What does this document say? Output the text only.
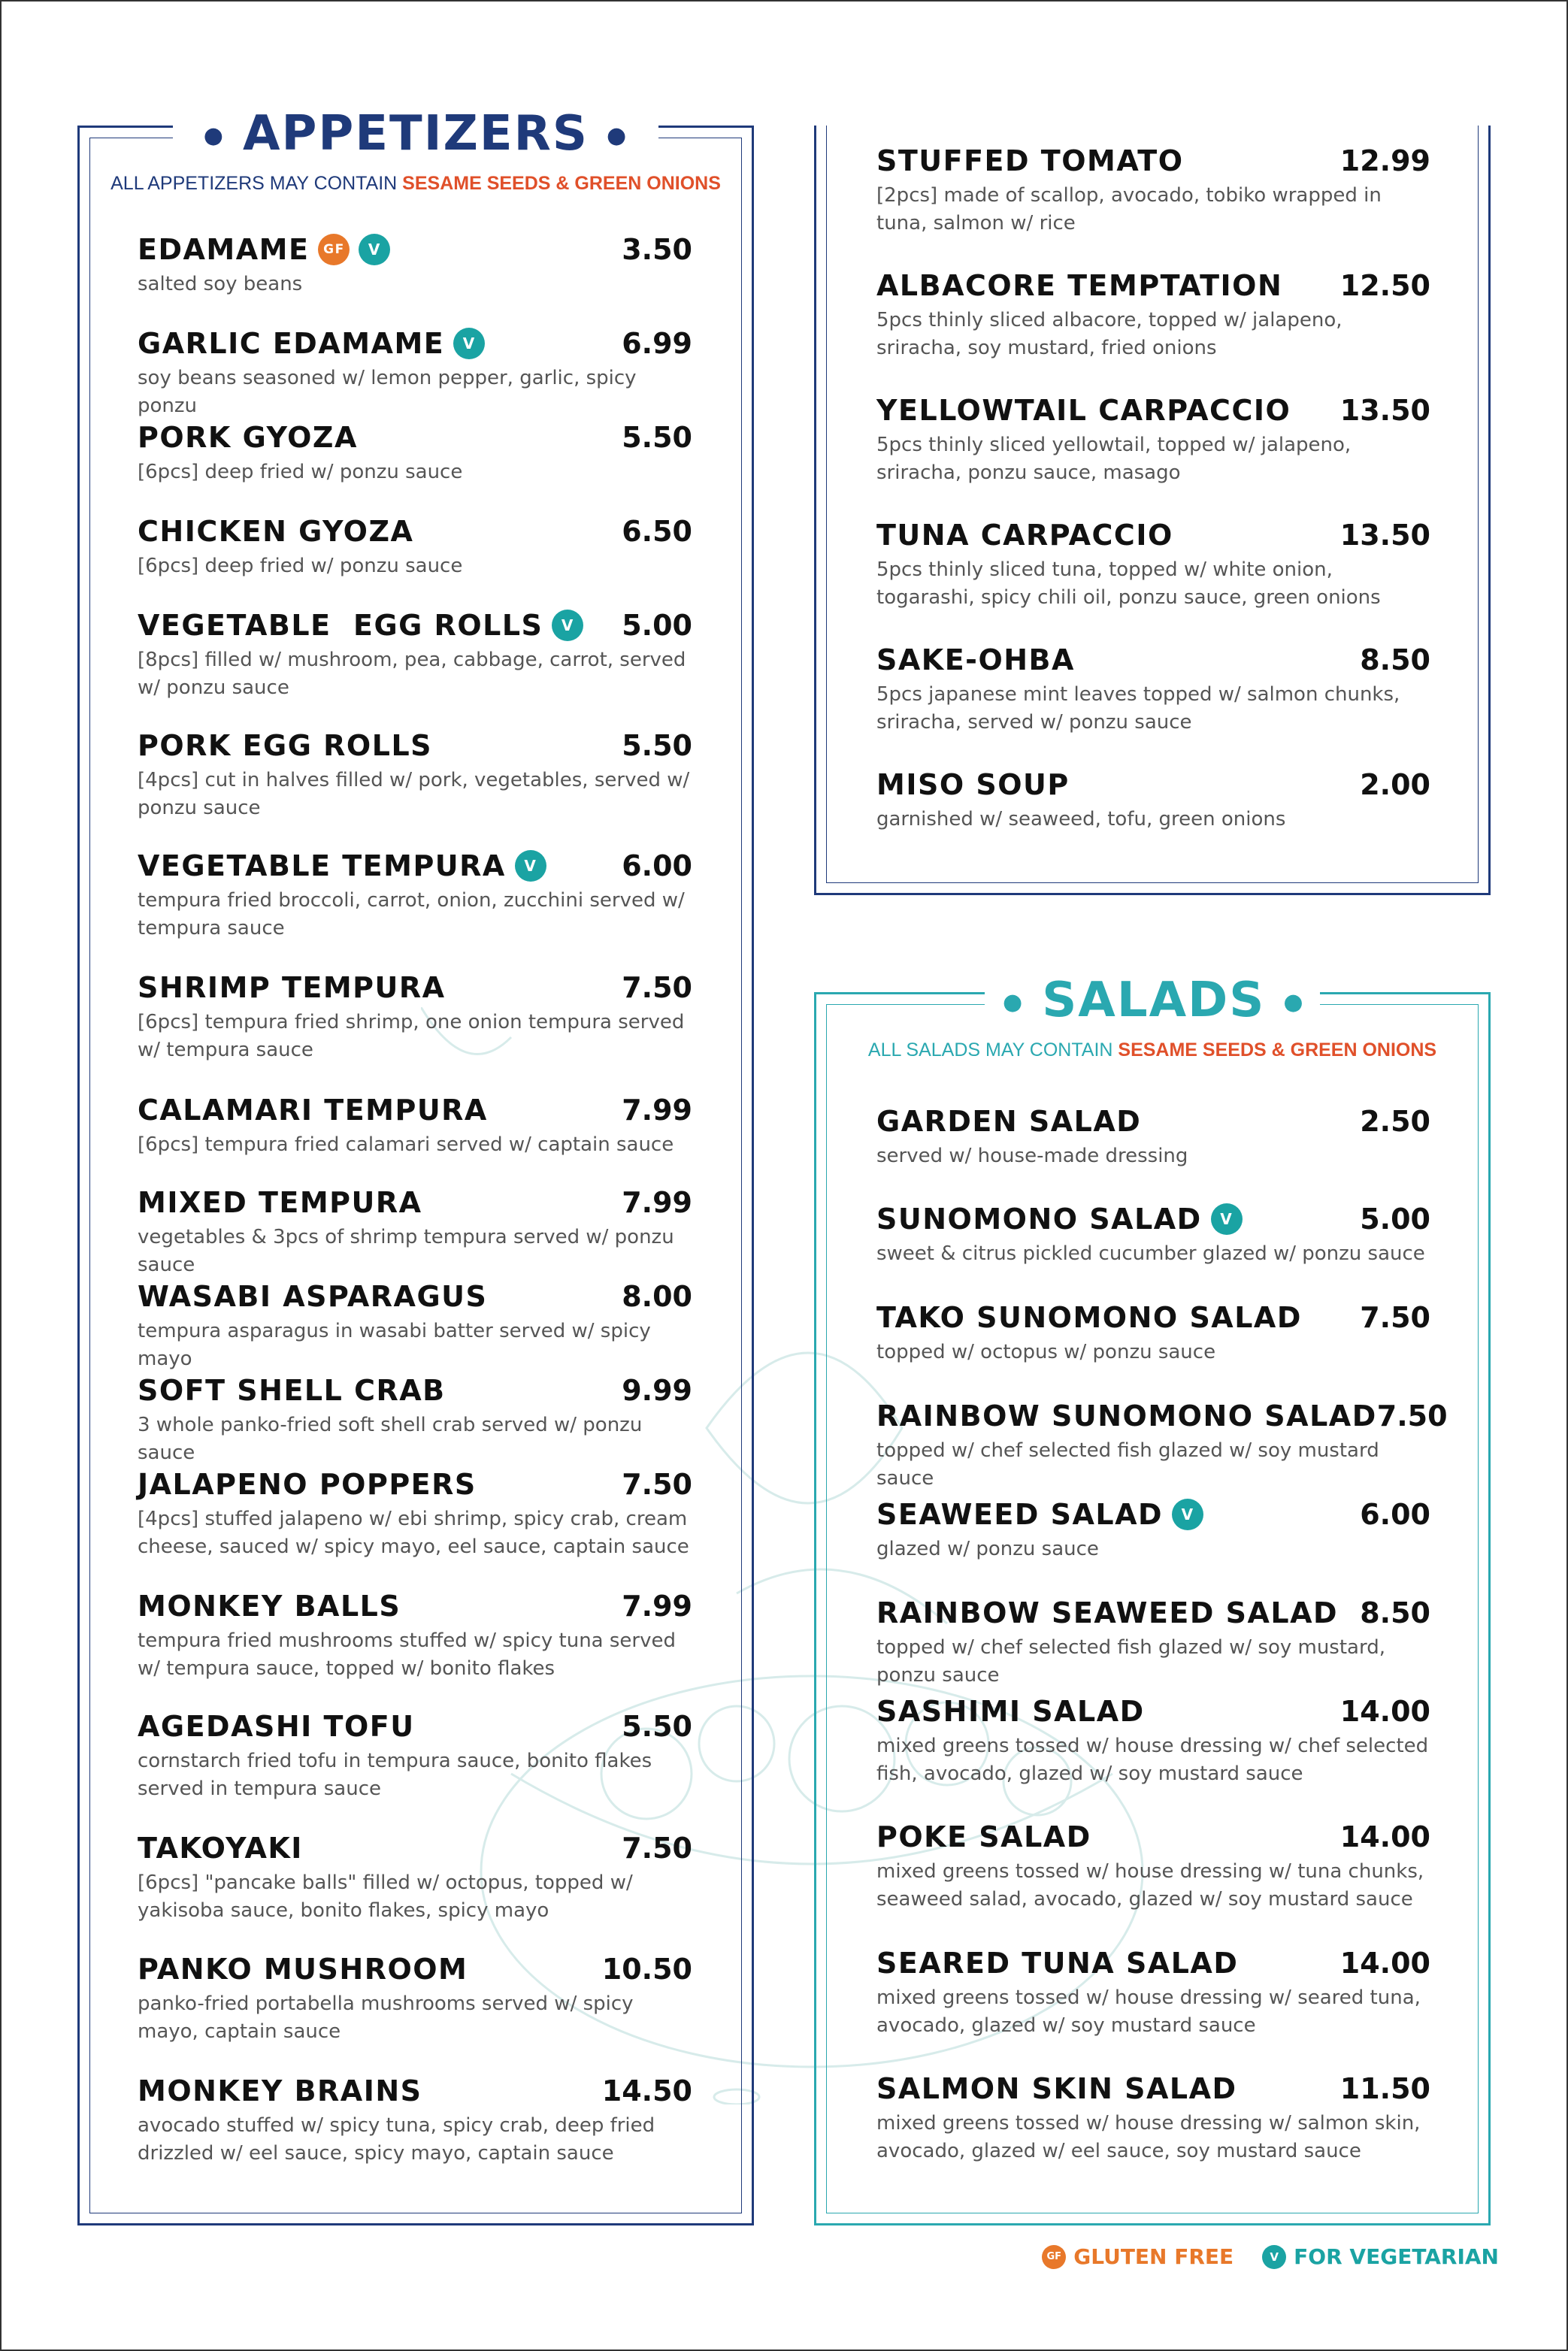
● APPETIZERS ●
ALL APPETIZERS MAY CONTAIN SESAME SEEDS & GREEN ONIONS
EDAMAME	GF	V	3.50
salted soy beans
GARLIC EDAMAME	V	6.99
soy beans seasoned w/ lemon pepper, garlic, spicy ponzu
PORK GYOZA	5.50
[6pcs] deep fried w/ ponzu sauce
CHICKEN GYOZA	6.50
[6pcs] deep fried w/ ponzu sauce
VEGETABLE  EGG ROLLS	V	5.00
[8pcs] filled w/ mushroom, pea, cabbage, carrot, served w/ ponzu sauce
PORK EGG ROLLS	5.50
[4pcs] cut in halves filled w/ pork, vegetables, served w/ ponzu sauce
VEGETABLE TEMPURA	V	6.00
tempura fried broccoli, carrot, onion, zucchini served w/ tempura sauce
SHRIMP TEMPURA	7.50
[6pcs] tempura fried shrimp, one onion tempura served w/ tempura sauce
CALAMARI TEMPURA	7.99
[6pcs] tempura fried calamari served w/ captain sauce
MIXED TEMPURA	7.99
vegetables & 3pcs of shrimp tempura served w/ ponzu sauce
WASABI ASPARAGUS	8.00
tempura asparagus in wasabi batter served w/ spicy mayo
SOFT SHELL CRAB	9.99
3 whole panko-fried soft shell crab served w/ ponzu sauce
JALAPENO POPPERS	7.50
[4pcs] stuffed jalapeno w/ ebi shrimp, spicy crab, cream cheese, sauced w/ spicy mayo, eel sauce, captain sauce
MONKEY BALLS	7.99
tempura fried mushrooms stuffed w/ spicy tuna served w/ tempura sauce, topped w/ bonito flakes
AGEDASHI TOFU	5.50
cornstarch fried tofu in tempura sauce, bonito flakes served in tempura sauce
TAKOYAKI	7.50
[6pcs] "pancake balls" filled w/ octopus, topped w/ yakisoba sauce, bonito flakes, spicy mayo
PANKO MUSHROOM	10.50
panko-fried portabella mushrooms served w/ spicy mayo, captain sauce
MONKEY BRAINS	14.50
avocado stuffed w/ spicy tuna, spicy crab, deep fried drizzled w/ eel sauce, spicy mayo, captain sauce
STUFFED TOMATO	12.99
[2pcs] made of scallop, avocado, tobiko wrapped in tuna, salmon w/ rice
ALBACORE TEMPTATION 12.50
5pcs thinly sliced albacore, topped w/ jalapeno, sriracha, soy mustard, fried onions
YELLOWTAIL CARPACCIO 13.50
5pcs thinly sliced yellowtail, topped w/ jalapeno, sriracha, ponzu sauce, masago
TUNA CARPACCIO	13.50
5pcs thinly sliced tuna, topped w/ white onion, togarashi, spicy chili oil, ponzu sauce, green onions
SAKE-OHBA	8.50
5pcs japanese mint leaves topped w/ salmon chunks, sriracha, served w/ ponzu sauce
MISO SOUP	2.00
garnished w/ seaweed, tofu, green onions
● SALADS ●
ALL SALADS MAY CONTAIN SESAME SEEDS & GREEN ONIONS
GARDEN SALAD	2.50
served w/ house-made dressing
SUNOMONO SALAD	V	5.00
sweet & citrus pickled cucumber glazed w/ ponzu sauce
TAKO SUNOMONO SALAD 7.50
topped w/ octopus w/ ponzu sauce
RAINBOW SUNOMONO SALAD 7.50
topped w/ chef selected fish glazed w/ soy mustard sauce
SEAWEED SALAD	V	6.00
glazed w/ ponzu sauce
RAINBOW SEAWEED SALAD 8.50
topped w/ chef selected fish glazed w/ soy mustard, ponzu sauce
SASHIMI SALAD	14.00
mixed greens tossed w/ house dressing w/ chef selected fish, avocado, glazed w/ soy mustard sauce
POKE SALAD	14.00
mixed greens tossed w/ house dressing w/ tuna chunks, seaweed salad, avocado, glazed w/ soy mustard sauce
SEARED TUNA SALAD	14.00
mixed greens tossed w/ house dressing w/ seared tuna, avocado, glazed w/ soy mustard sauce
SALMON SKIN SALAD	11.50
mixed greens tossed w/ house dressing w/ salmon skin, avocado, glazed w/ eel sauce, soy mustard sauce
GF GLUTEN FREE	V FOR VEGETARIAN
